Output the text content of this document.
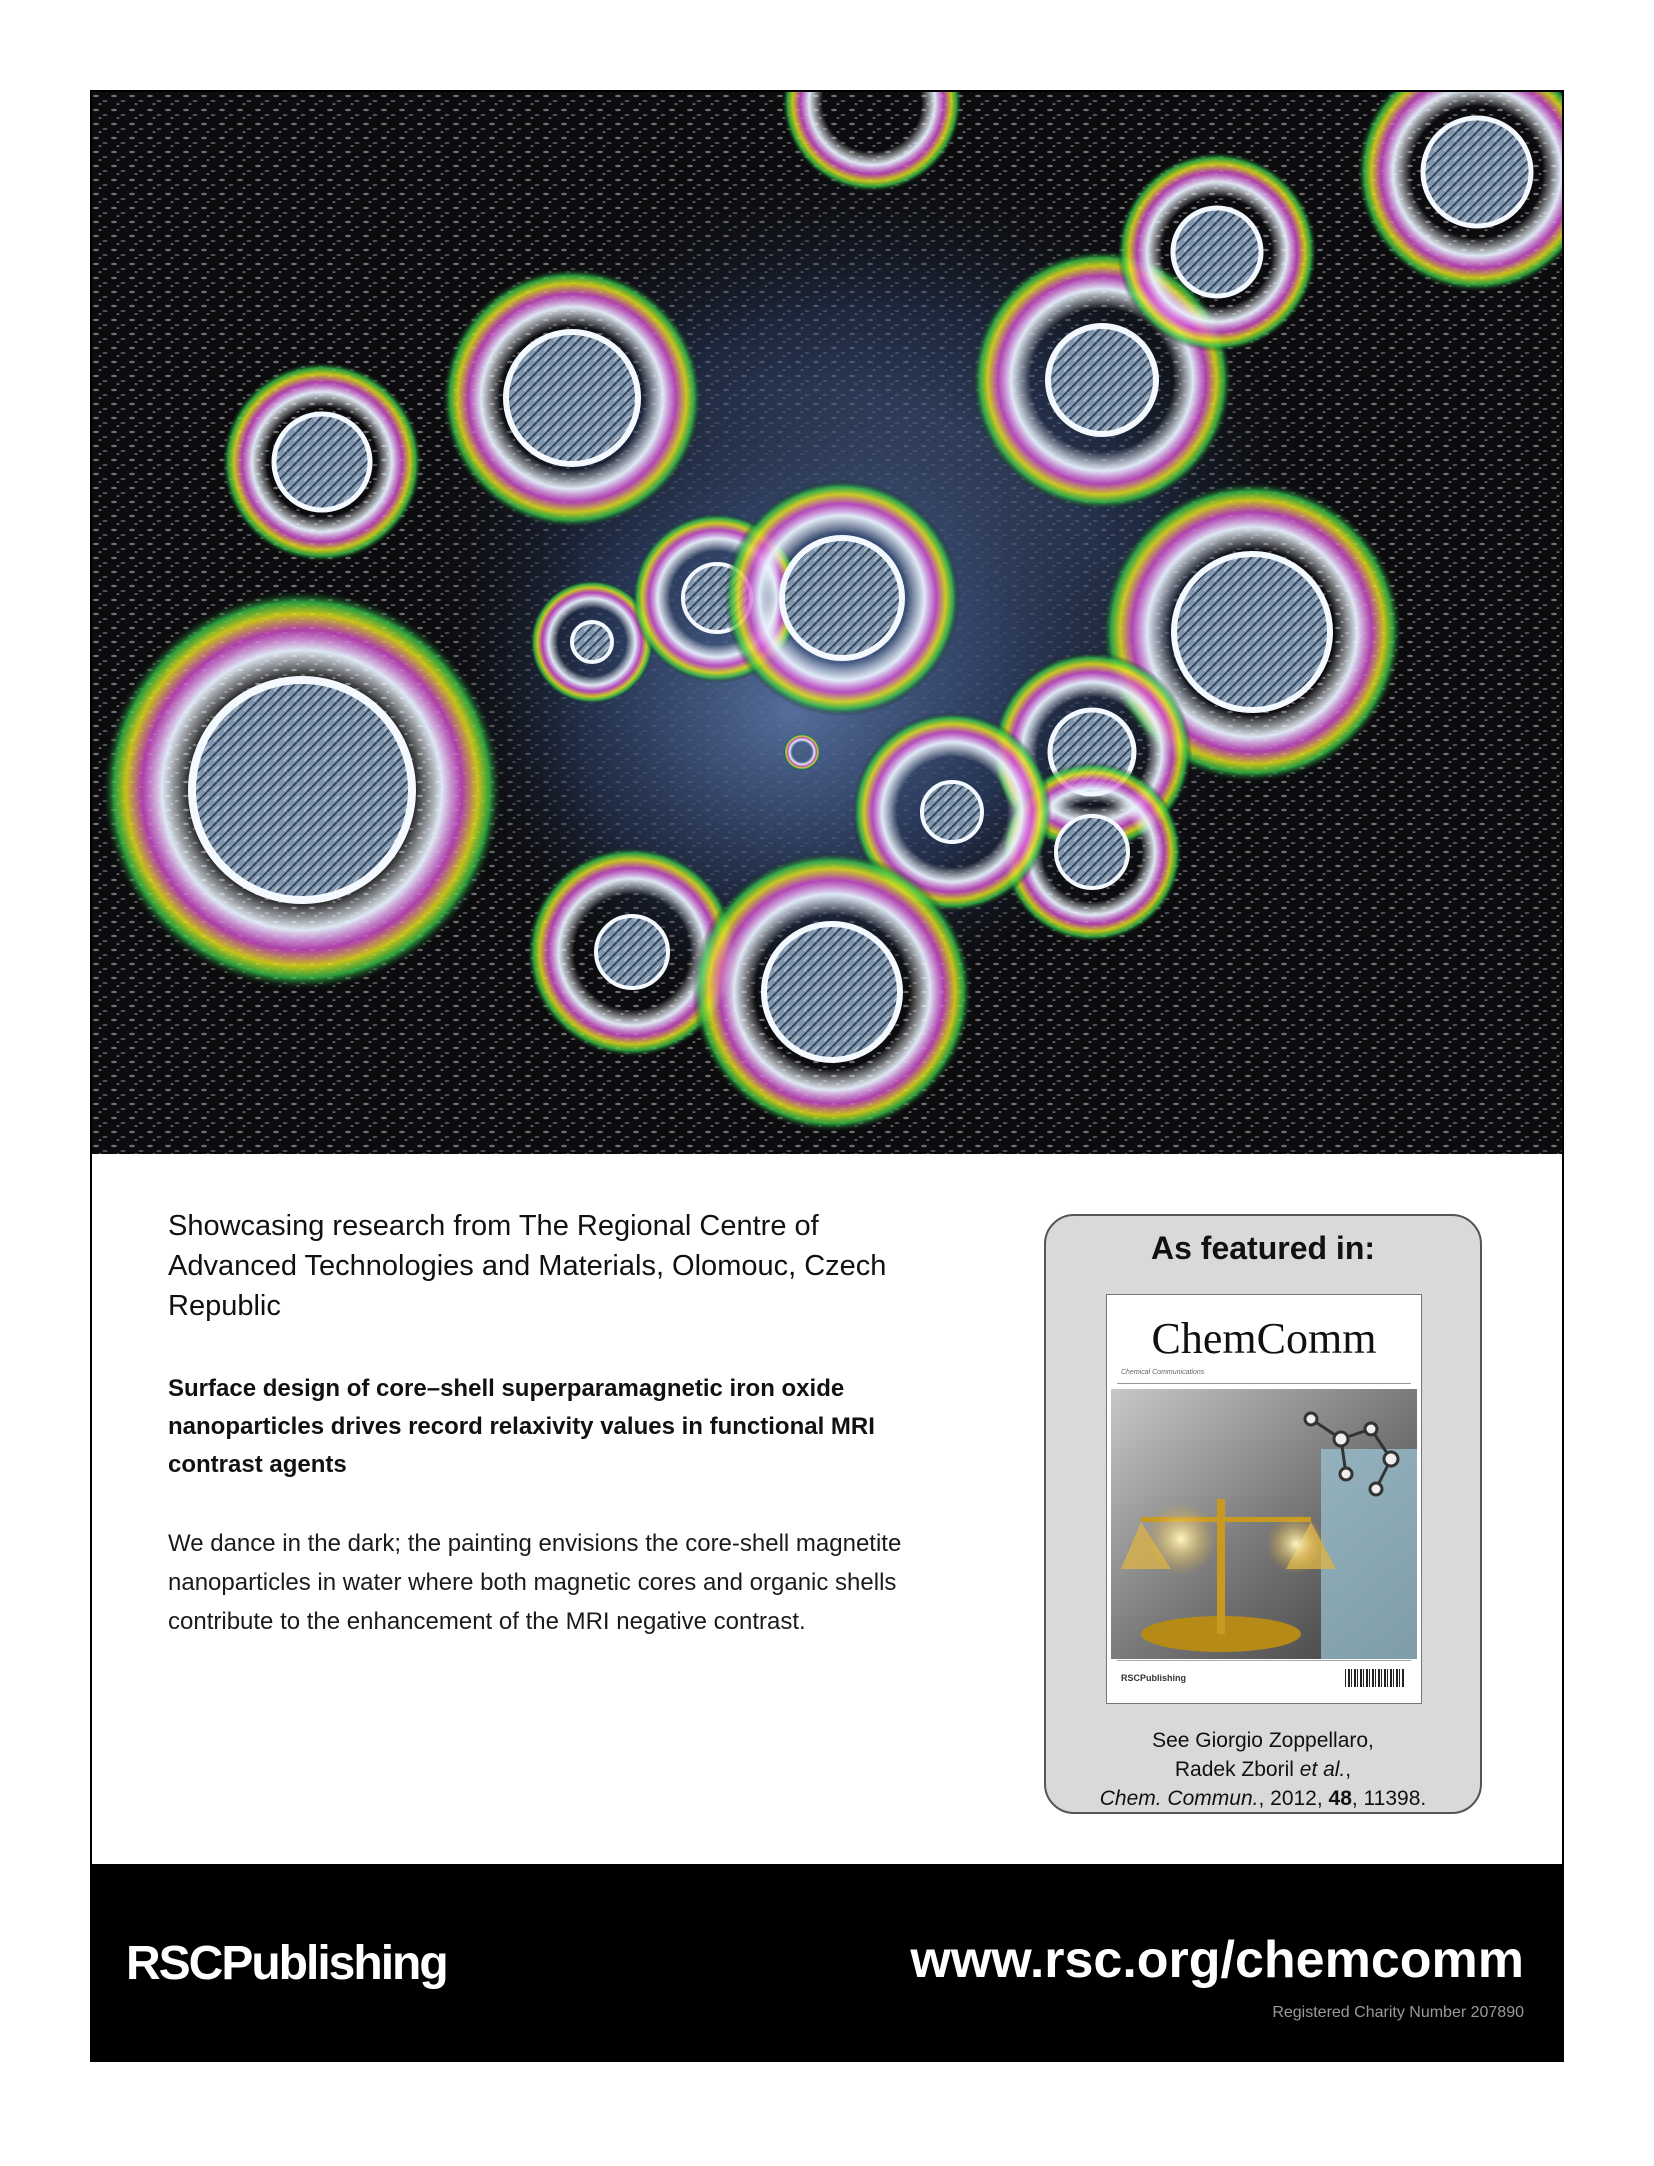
Showcasing research from The Regional Centre of Advanced Technologies and Materials, Olomouc, Czech Republic

Surface design of core–shell superparamagnetic iron oxide nanoparticles drives record relaxivity values in functional MRI contrast agents

We dance in the dark; the painting envisions the core-shell magnetite nanoparticles in water where both magnetic cores and organic shells contribute to the enhancement of the MRI negative contrast.

As featured in:
ChemComm
Chemical Communications
RSCPublishing
See Giorgio Zoppellaro,
Radek Zboril et al.,
Chem. Commun., 2012, 48, 11398.
RSCPublishing	www.rsc.org/chemcomm
Registered Charity Number 207890
